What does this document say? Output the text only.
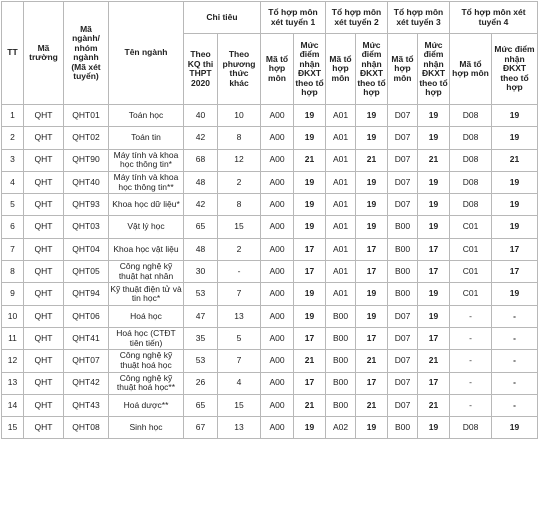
TT	Mã trường	Mã ngành/ nhóm ngành (Mã xét tuyển)	Tên ngành	Chỉ tiêu		Tổ hợp môn xét tuyển 1		Tổ hợp môn xét tuyển 2		Tổ hợp môn xét tuyển 3		Tổ hợp môn xét tuyển 4	
				Theo KQ thi THPT 2020	Theo phương thức khác	Mã tổ hợp môn	Mức điểm nhận ĐKXT theo tổ hợp	Mã tổ hợp môn	Mức điểm nhận ĐKXT theo tổ hợp	Mã tổ hợp môn	Mức điểm nhận ĐKXT theo tổ hợp	Mã tổ hợp môn	Mức điểm nhận ĐKXT theo tổ hợp
1	QHT	QHT01	Toán học	40	10	A00	19	A01	19	D07	19	D08	19
2	QHT	QHT02	Toán tin	42	8	A00	19	A01	19	D07	19	D08	19
3	QHT	QHT90	Máy tính và khoa học thông tin*	68	12	A00	21	A01	21	D07	21	D08	21
4	QHT	QHT40	Máy tính và khoa học thông tin**	48	2	A00	19	A01	19	D07	19	D08	19
5	QHT	QHT93	Khoa học dữ liệu*	42	8	A00	19	A01	19	D07	19	D08	19
6	QHT	QHT03	Vật lý học	65	15	A00	19	A01	19	B00	19	C01	19
7	QHT	QHT04	Khoa học vật liệu	48	2	A00	17	A01	17	B00	17	C01	17
8	QHT	QHT05	Công nghệ kỹ thuật hạt nhân	30	-	A00	17	A01	17	B00	17	C01	17
9	QHT	QHT94	Kỹ thuật điện tử và tin học*	53	7	A00	19	A01	19	B00	19	C01	19
10	QHT	QHT06	Hoá học	47	13	A00	19	B00	19	D07	19	-	-
11	QHT	QHT41	Hoá học (CTĐT tiên tiến)	35	5	A00	17	B00	17	D07	17	-	-
12	QHT	QHT07	Công nghệ kỹ thuật hoá học	53	7	A00	21	B00	21	D07	21	-	-
13	QHT	QHT42	Công nghệ kỹ thuật hoá học**	26	4	A00	17	B00	17	D07	17	-	-
14	QHT	QHT43	Hoá dược**	65	15	A00	21	B00	21	D07	21	-	-
15	QHT	QHT08	Sinh học	67	13	A00	19	A02	19	B00	19	D08	19
